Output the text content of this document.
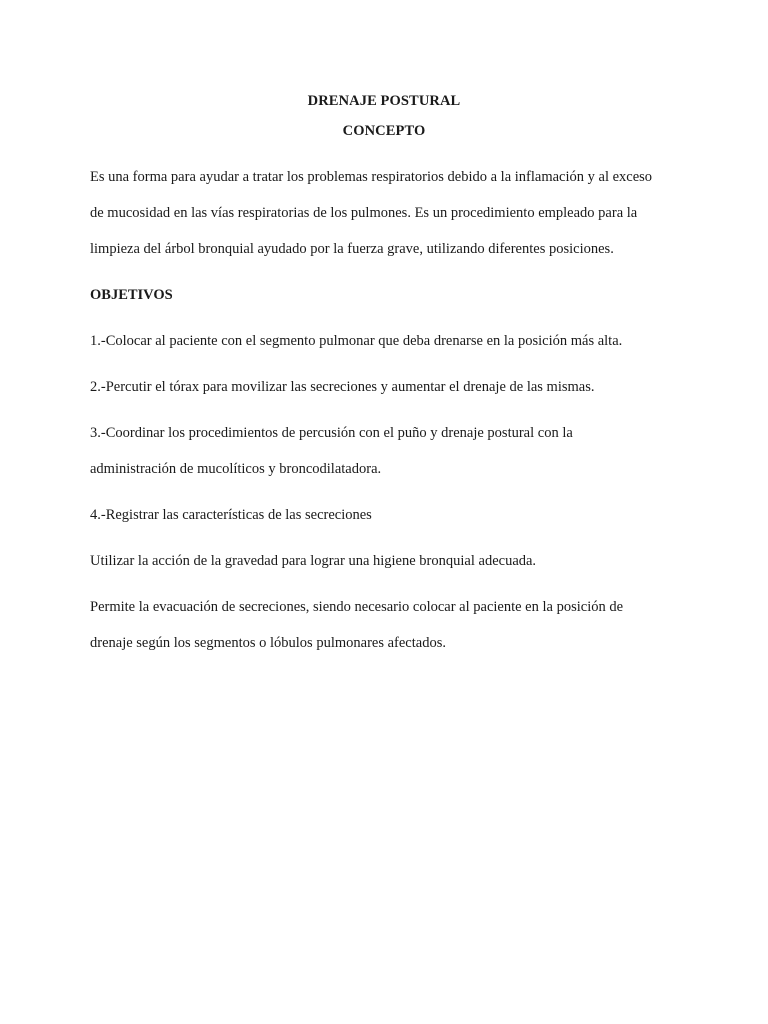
DRENAJE POSTURAL
CONCEPTO

Es una forma para ayudar a tratar los problemas respiratorios debido a la inflamación y al exceso

de mucosidad en las vías respiratorias de los pulmones. Es un procedimiento empleado para la

limpieza del árbol bronquial ayudado por la fuerza grave, utilizando diferentes posiciones.

OBJETIVOS

1.-Colocar al paciente con el segmento pulmonar que deba drenarse en la posición más alta.

2.-Percutir el tórax para movilizar las secreciones y aumentar el drenaje de las mismas.

3.-Coordinar los procedimientos de percusión con el puño y drenaje postural con la

administración de mucolíticos y broncodilatadora.

4.-Registrar las características de las secreciones

Utilizar la acción de la gravedad para lograr una higiene bronquial adecuada.

Permite la evacuación de secreciones, siendo necesario colocar al paciente en la posición de

drenaje según los segmentos o lóbulos pulmonares afectados.
